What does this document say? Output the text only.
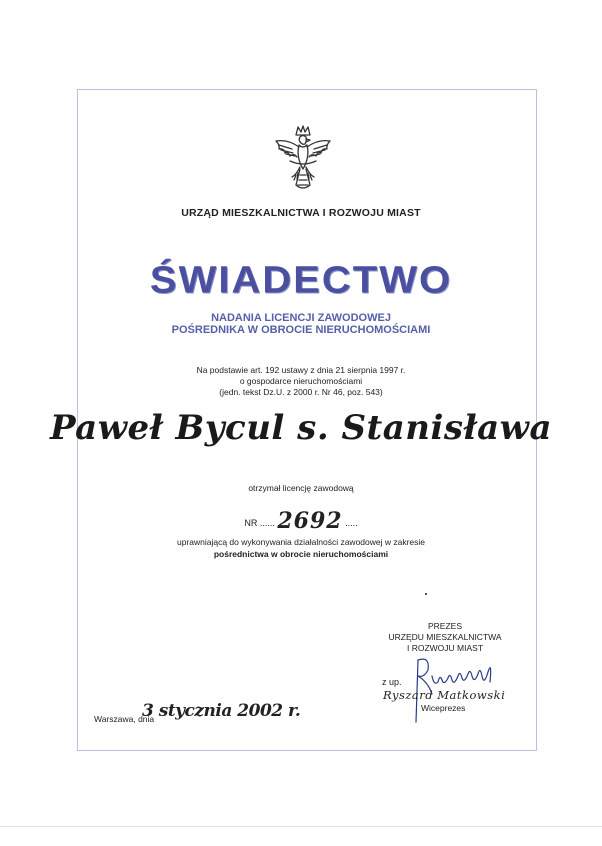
URZĄD MIESZKALNICTWA I ROZWOJU MIAST
ŚWIADECTWO
NADANIA LICENCJI ZAWODOWEJ
POŚREDNIKA W OBROCIE NIERUCHOMOŚCIAMI
Na podstawie art. 192 ustawy z dnia 21 sierpnia 1997 r.
o gospodarce nieruchomościami
(jedn. tekst Dz.U. z 2000 r. Nr 46, poz. 543)
Paweł Bycul s. Stanisława
otrzymał licencję zawodową
NR ...... 2692 .....
uprawniającą do wykonywania działalności zawodowej w zakresie
pośrednictwa w obrocie nieruchomościami
PREZES
URZĘDU MIESZKALNICTWA
I ROZWOJU MIAST
z up.
Ryszard Matkowski
Wiceprezes
Warszawa, dnia
3 stycznia 2002 r.
